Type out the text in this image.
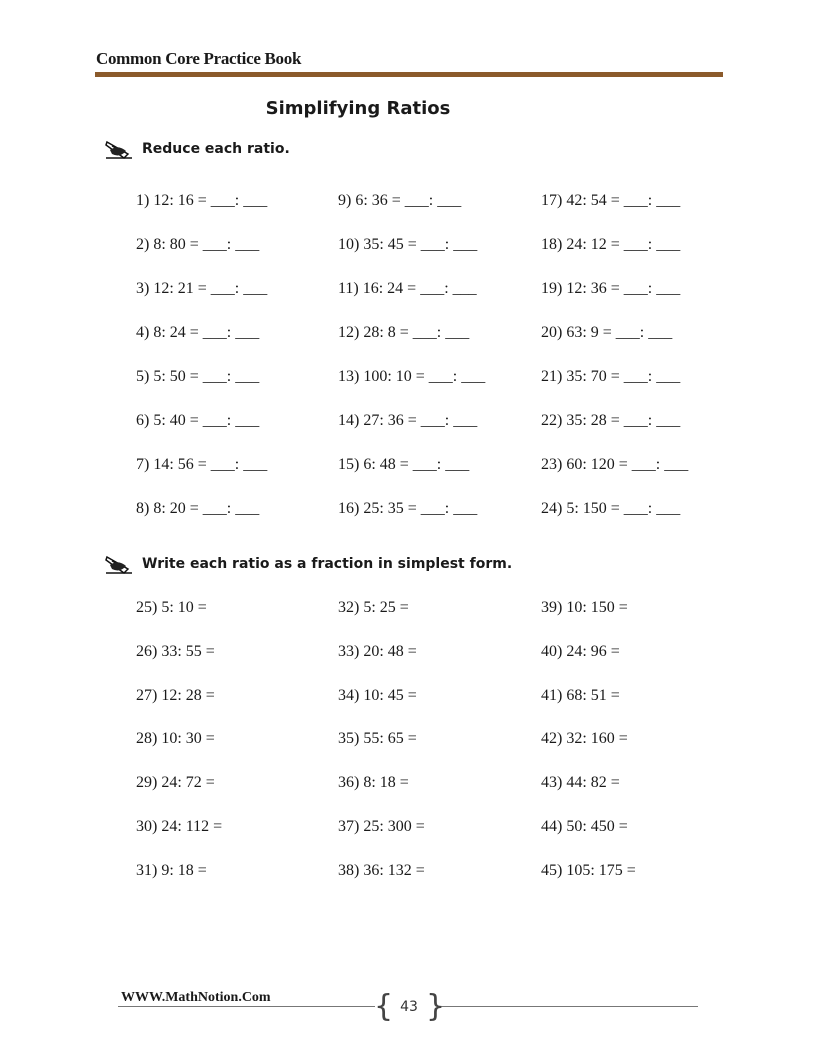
Common Core Practice Book
Simplifying Ratios
Reduce each ratio.
1) 12: 16 = ___: ___
2) 8: 80 = ___: ___
3) 12: 21 = ___: ___
4) 8: 24 = ___: ___
5) 5: 50 = ___: ___
6) 5: 40 = ___: ___
7) 14: 56 = ___: ___
8) 8: 20 = ___: ___
9) 6: 36 = ___: ___
10) 35: 45 = ___: ___
11) 16: 24 = ___: ___
12) 28: 8 = ___: ___
13) 100: 10 = ___: ___
14) 27: 36 = ___: ___
15) 6: 48 = ___: ___
16) 25: 35 = ___: ___
17) 42: 54 = ___: ___
18) 24: 12 = ___: ___
19) 12: 36 = ___: ___
20) 63: 9 = ___: ___
21) 35: 70 = ___: ___
22) 35: 28 = ___: ___
23) 60: 120 = ___: ___
24) 5: 150 = ___: ___
Write each ratio as a fraction in simplest form.
25) 5: 10 =
26) 33: 55 =
27) 12: 28 =
28) 10: 30 =
29) 24: 72 =
30) 24: 112 =
31) 9: 18 =
32) 5: 25 =
33) 20: 48 =
34) 10: 45 =
35) 55: 65 =
36) 8: 18 =
37) 25: 300 =
38) 36: 132 =
39) 10: 150 =
40) 24: 96 =
41) 68: 51 =
42) 32: 160 =
43) 44: 82 =
44) 50: 450 =
45) 105: 175 =
WWW.MathNotion.Com	{ }
43
